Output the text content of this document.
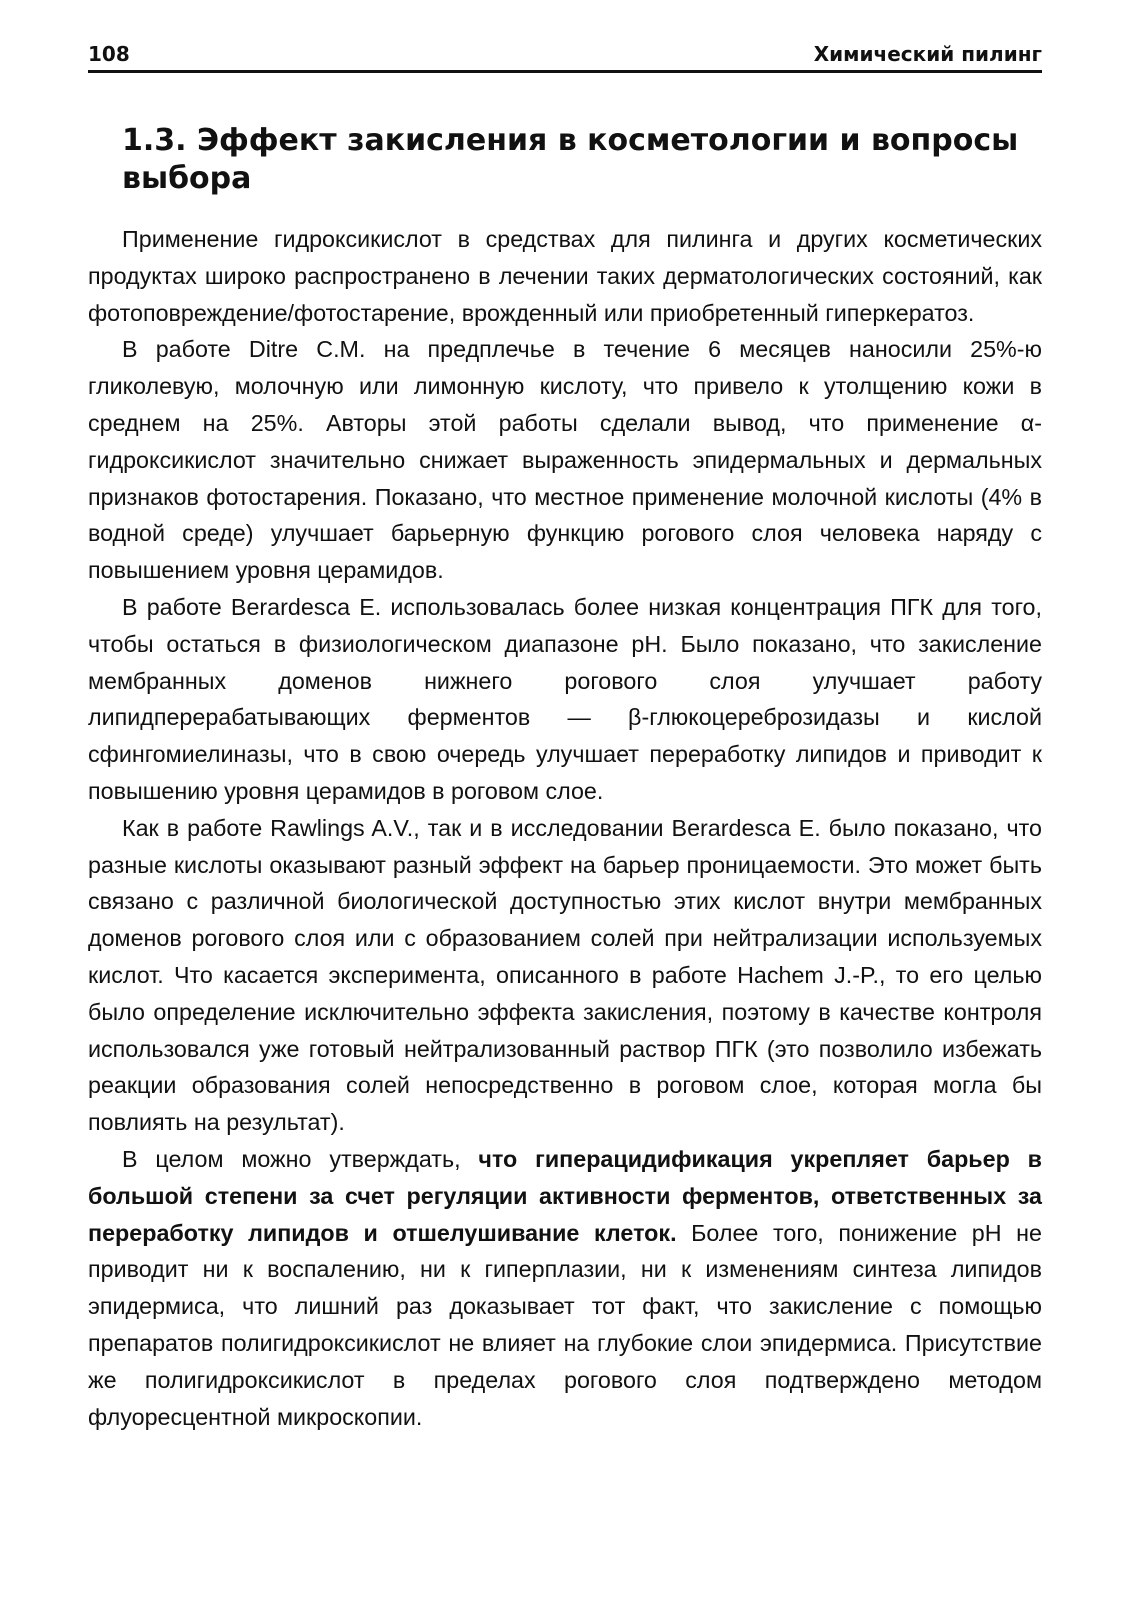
108	Химический пилинг
1.3. Эффект закисления в косметологии и вопросы выбора

Применение гидроксикислот в средствах для пилинга и других косметических продуктах широко распространено в лечении таких дерматологических состояний, как фотоповреждение/фотостарение, врожденный или приобретенный гиперкератоз.

В работе Ditre C.M. на предплечье в течение 6 месяцев наносили 25%-ю гликолевую, молочную или лимонную кислоту, что привело к утолщению кожи в среднем на 25%. Авторы этой работы сделали вывод, что применение α-гидроксикислот значительно снижает выраженность эпидермальных и дермальных признаков фотостарения. Показано, что местное применение молочной кислоты (4% в водной среде) улучшает барьерную функцию рогового слоя человека наряду с повышением уровня церамидов.

В работе Berardesca E. использовалась более низкая концентрация ПГК для того, чтобы остаться в физиологическом диапазоне pH. Было показано, что закисление мембранных доменов нижнего рогового слоя улучшает работу липидперерабатывающих ферментов — β-глюкоцереброзидазы и кислой сфингомиелиназы, что в свою очередь улучшает переработку липидов и приводит к повышению уровня церамидов в роговом слое.

Как в работе Rawlings A.V., так и в исследовании Berardesca E. было показано, что разные кислоты оказывают разный эффект на барьер проницаемости. Это может быть связано с различной биологической доступностью этих кислот внутри мембранных доменов рогового слоя или с образованием солей при нейтрализации используемых кислот. Что касается эксперимента, описанного в работе Hachem J.-P., то его целью было определение исключительно эффекта закисления, поэтому в качестве контроля использовался уже готовый нейтрализованный раствор ПГК (это позволило избежать реакции образования солей непосредственно в роговом слое, которая могла бы повлиять на результат).

В целом можно утверждать, что гиперацидификация укрепляет барьер в большой степени за счет регуляции активности ферментов, ответственных за переработку липидов и отшелушивание клеток. Более того, понижение pH не приводит ни к воспалению, ни к гиперплазии, ни к изменениям синтеза липидов эпидермиса, что лишний раз доказывает тот факт, что закисление с помощью препаратов полигидроксикислот не влияет на глубокие слои эпидермиса. Присутствие же полигидроксикислот в пределах рогового слоя подтверждено методом флуоресцентной микроскопии.
